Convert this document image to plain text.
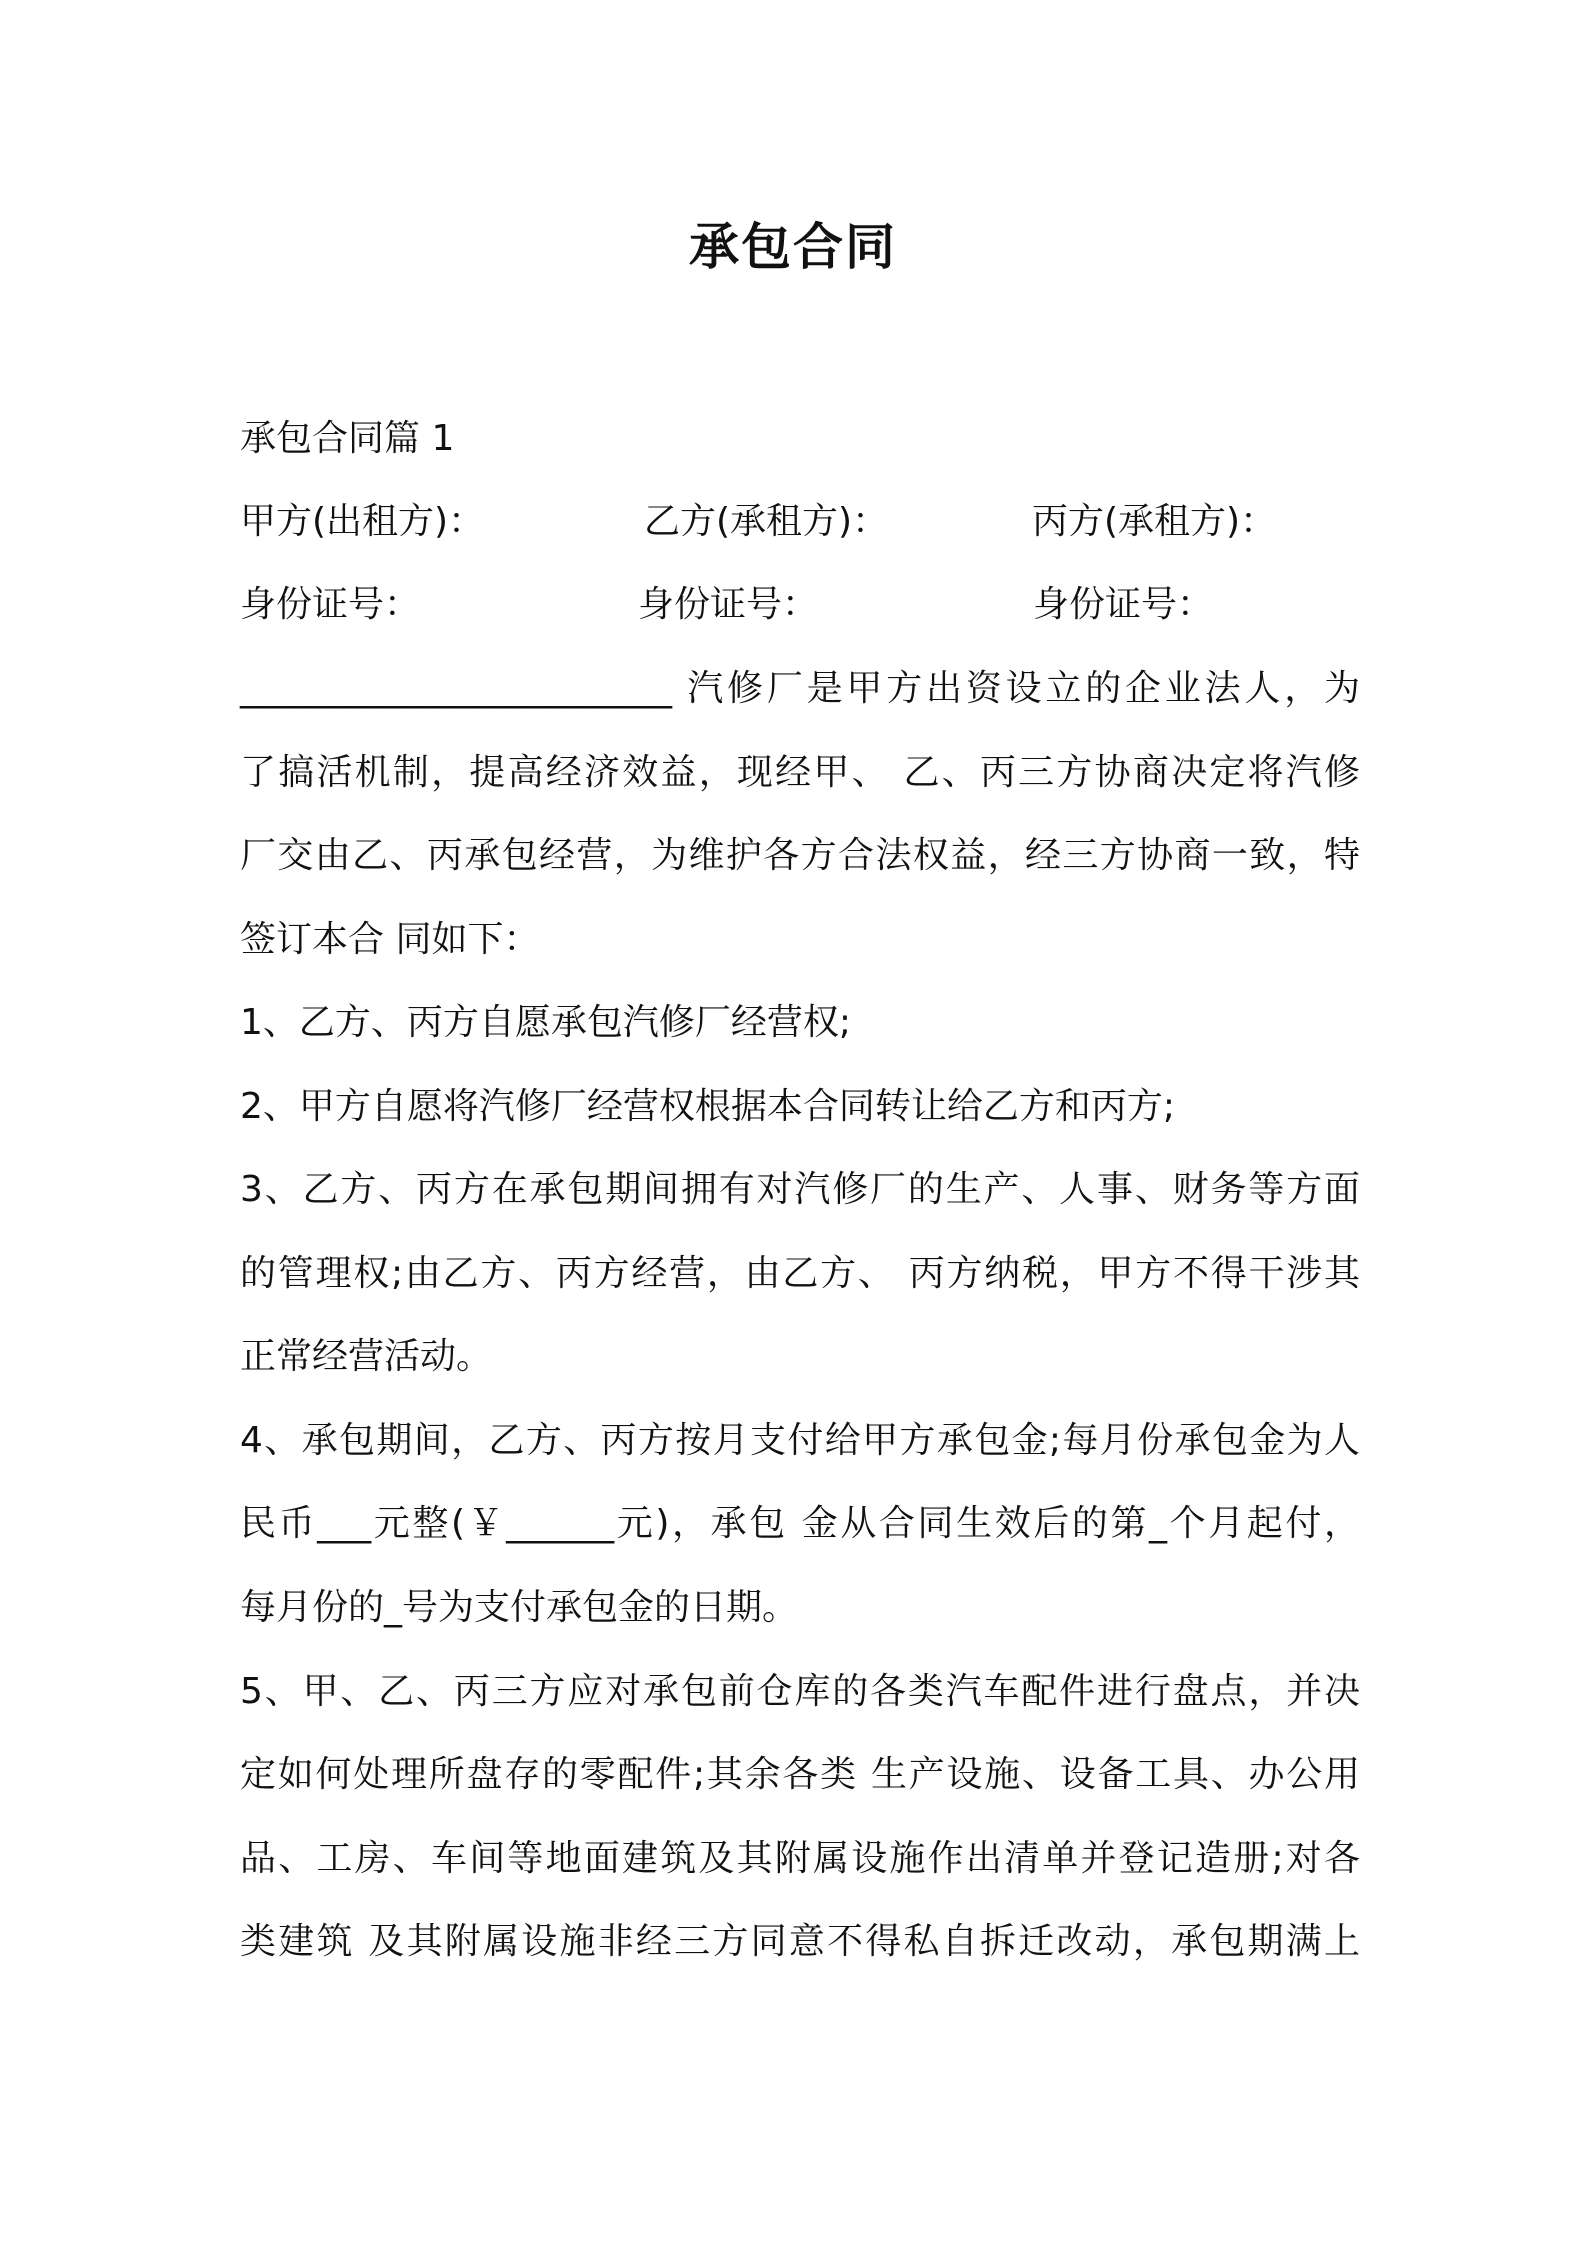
承包合同
承包合同篇 1
甲方(出租方)：	乙方(承租方)：	丙方(承租方)：
身份证号：	身份证号：	身份证号：
________________________ 汽修厂是甲方出资设立的企业法人，为
了搞活机制，提高经济效益，现经甲、 乙、丙三方协商决定将汽修
厂交由乙、丙承包经营，为维护各方合法权益，经三方协商一致，特
签订本合 同如下：
1、乙方、丙方自愿承包汽修厂经营权;
2、甲方自愿将汽修厂经营权根据本合同转让给乙方和丙方;
3、乙方、丙方在承包期间拥有对汽修厂的生产、人事、财务等方面
的管理权;由乙方、丙方经营，由乙方、 丙方纳税，甲方不得干涉其
正常经营活动。
4、承包期间，乙方、丙方按月支付给甲方承包金;每月份承包金为人
民币___元整(￥______元)，承包 金从合同生效后的第_个月起付，
每月份的_号为支付承包金的日期。
5、甲、乙、丙三方应对承包前仓库的各类汽车配件进行盘点，并决
定如何处理所盘存的零配件;其余各类 生产设施、设备工具、办公用
品、工房、车间等地面建筑及其附属设施作出清单并登记造册;对各
类建筑 及其附属设施非经三方同意不得私自拆迁改动，承包期满上
